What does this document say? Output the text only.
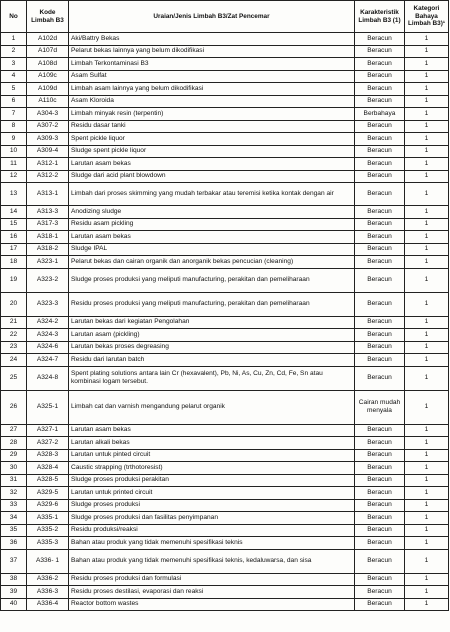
No	Kode Limbah B3	Uraian/Jenis Limbah B3/Zat Pencemar	Karakteristik Limbah B3 (1)	Kategori Bahaya Limbah B3)¹
1	A102d	Aki/Battry Bekas	Beracun	1
2	A107d	Pelarut bekas lainnya yang belum dikodifikasi	Beracun	1
3	A108d	Limbah Terkontaminasi B3	Beracun	1
4	A109c	Asam Sulfat	Beracun	1
5	A109d	Limbah asam lainnya yang belum dikodifikasi	Beracun	1
6	A110c	Asam Kloroida	Beracun	1
7	A304-3	Limbah minyak resin (terpentin)	Berbahaya	1
8	A307-2	Residu dasar tanki	Beracun	1
9	A309-3	Spent pickle liquor	Beracun	1
10	A309-4	Sludge spent pickle liquor	Beracun	1
11	A312-1	Larutan asam bekas	Beracun	1
12	A312-2	Sludge dari acid plant blowdown	Beracun	1
13	A313-1	Limbah dari proses skimming yang mudah terbakar atau teremisi ketika kontak dengan air	Beracun	1
14	A313-3	Anodizing sludge	Beracun	1
15	A317-3	Residu asam pickling	Beracun	1
16	A318-1	Larutan asam bekas	Beracun	1
17	A318-2	Sludge IPAL	Beracun	1
18	A323-1	Pelarut bekas dan cairan organik dan anorganik bekas pencucian (cleaning)	Beracun	1
19	A323-2	Sludge proses produksi yang meliputi manufacturing, perakitan dan pemeliharaan	Beracun	1
20	A323-3	Residu proses produksi yang meliputi manufacturing, perakitan dan pemeliharaan	Beracun	1
21	A324-2	Larutan bekas dari kegiatan Pengolahan	Beracun	1
22	A324-3	Larutan asam (pickling)	Beracun	1
23	A324-6	Larutan bekas proses degreasing	Beracun	1
24	A324-7	Residu dari larutan batch	Beracun	1
25	A324-8	Spent plating solutions antara lain Cr (hexavalent), Pb, Ni, As, Cu, Zn, Cd, Fe, Sn atau kombinasi logam tersebut.	Beracun	1
26	A325-1	Limbah cat dan varnish mengandung pelarut organik	Cairan mudah menyala	1
27	A327-1	Larutan asam bekas	Beracun	1
28	A327-2	Larutan alkali bekas	Beracun	1
29	A328-3	Larutan untuk pinted circuit	Beracun	1
30	A328-4	Caustic strapping (trthotoresist)	Beracun	1
31	A328-5	Sludge proses produksi perakitan	Beracun	1
32	A329-5	Larutan untuk printed circuit	Beracun	1
33	A329-6	Sludge proses produksi	Beracun	1
34	A335-1	Sludge proses produksi dan fasilitas penyimpanan	Beracun	1
35	A335-2	Residu produksi/reaksi	Beracun	1
36	A335-3	Bahan atau produk yang tidak memenuhi spesifikasi teknis	Beracun	1
37	A336- 1	Bahan atau produk yang tidak memenuhi spesifikasi teknis, kedaluwarsa, dan sisa	Beracun	1
38	A336-2	Residu proses produksi dan formulasi	Beracun	1
39	A336-3	Residu proses destilasi, evaporasi dan reaksi	Beracun	1
40	A336-4	Reactor bottom wastes	Beracun	1
